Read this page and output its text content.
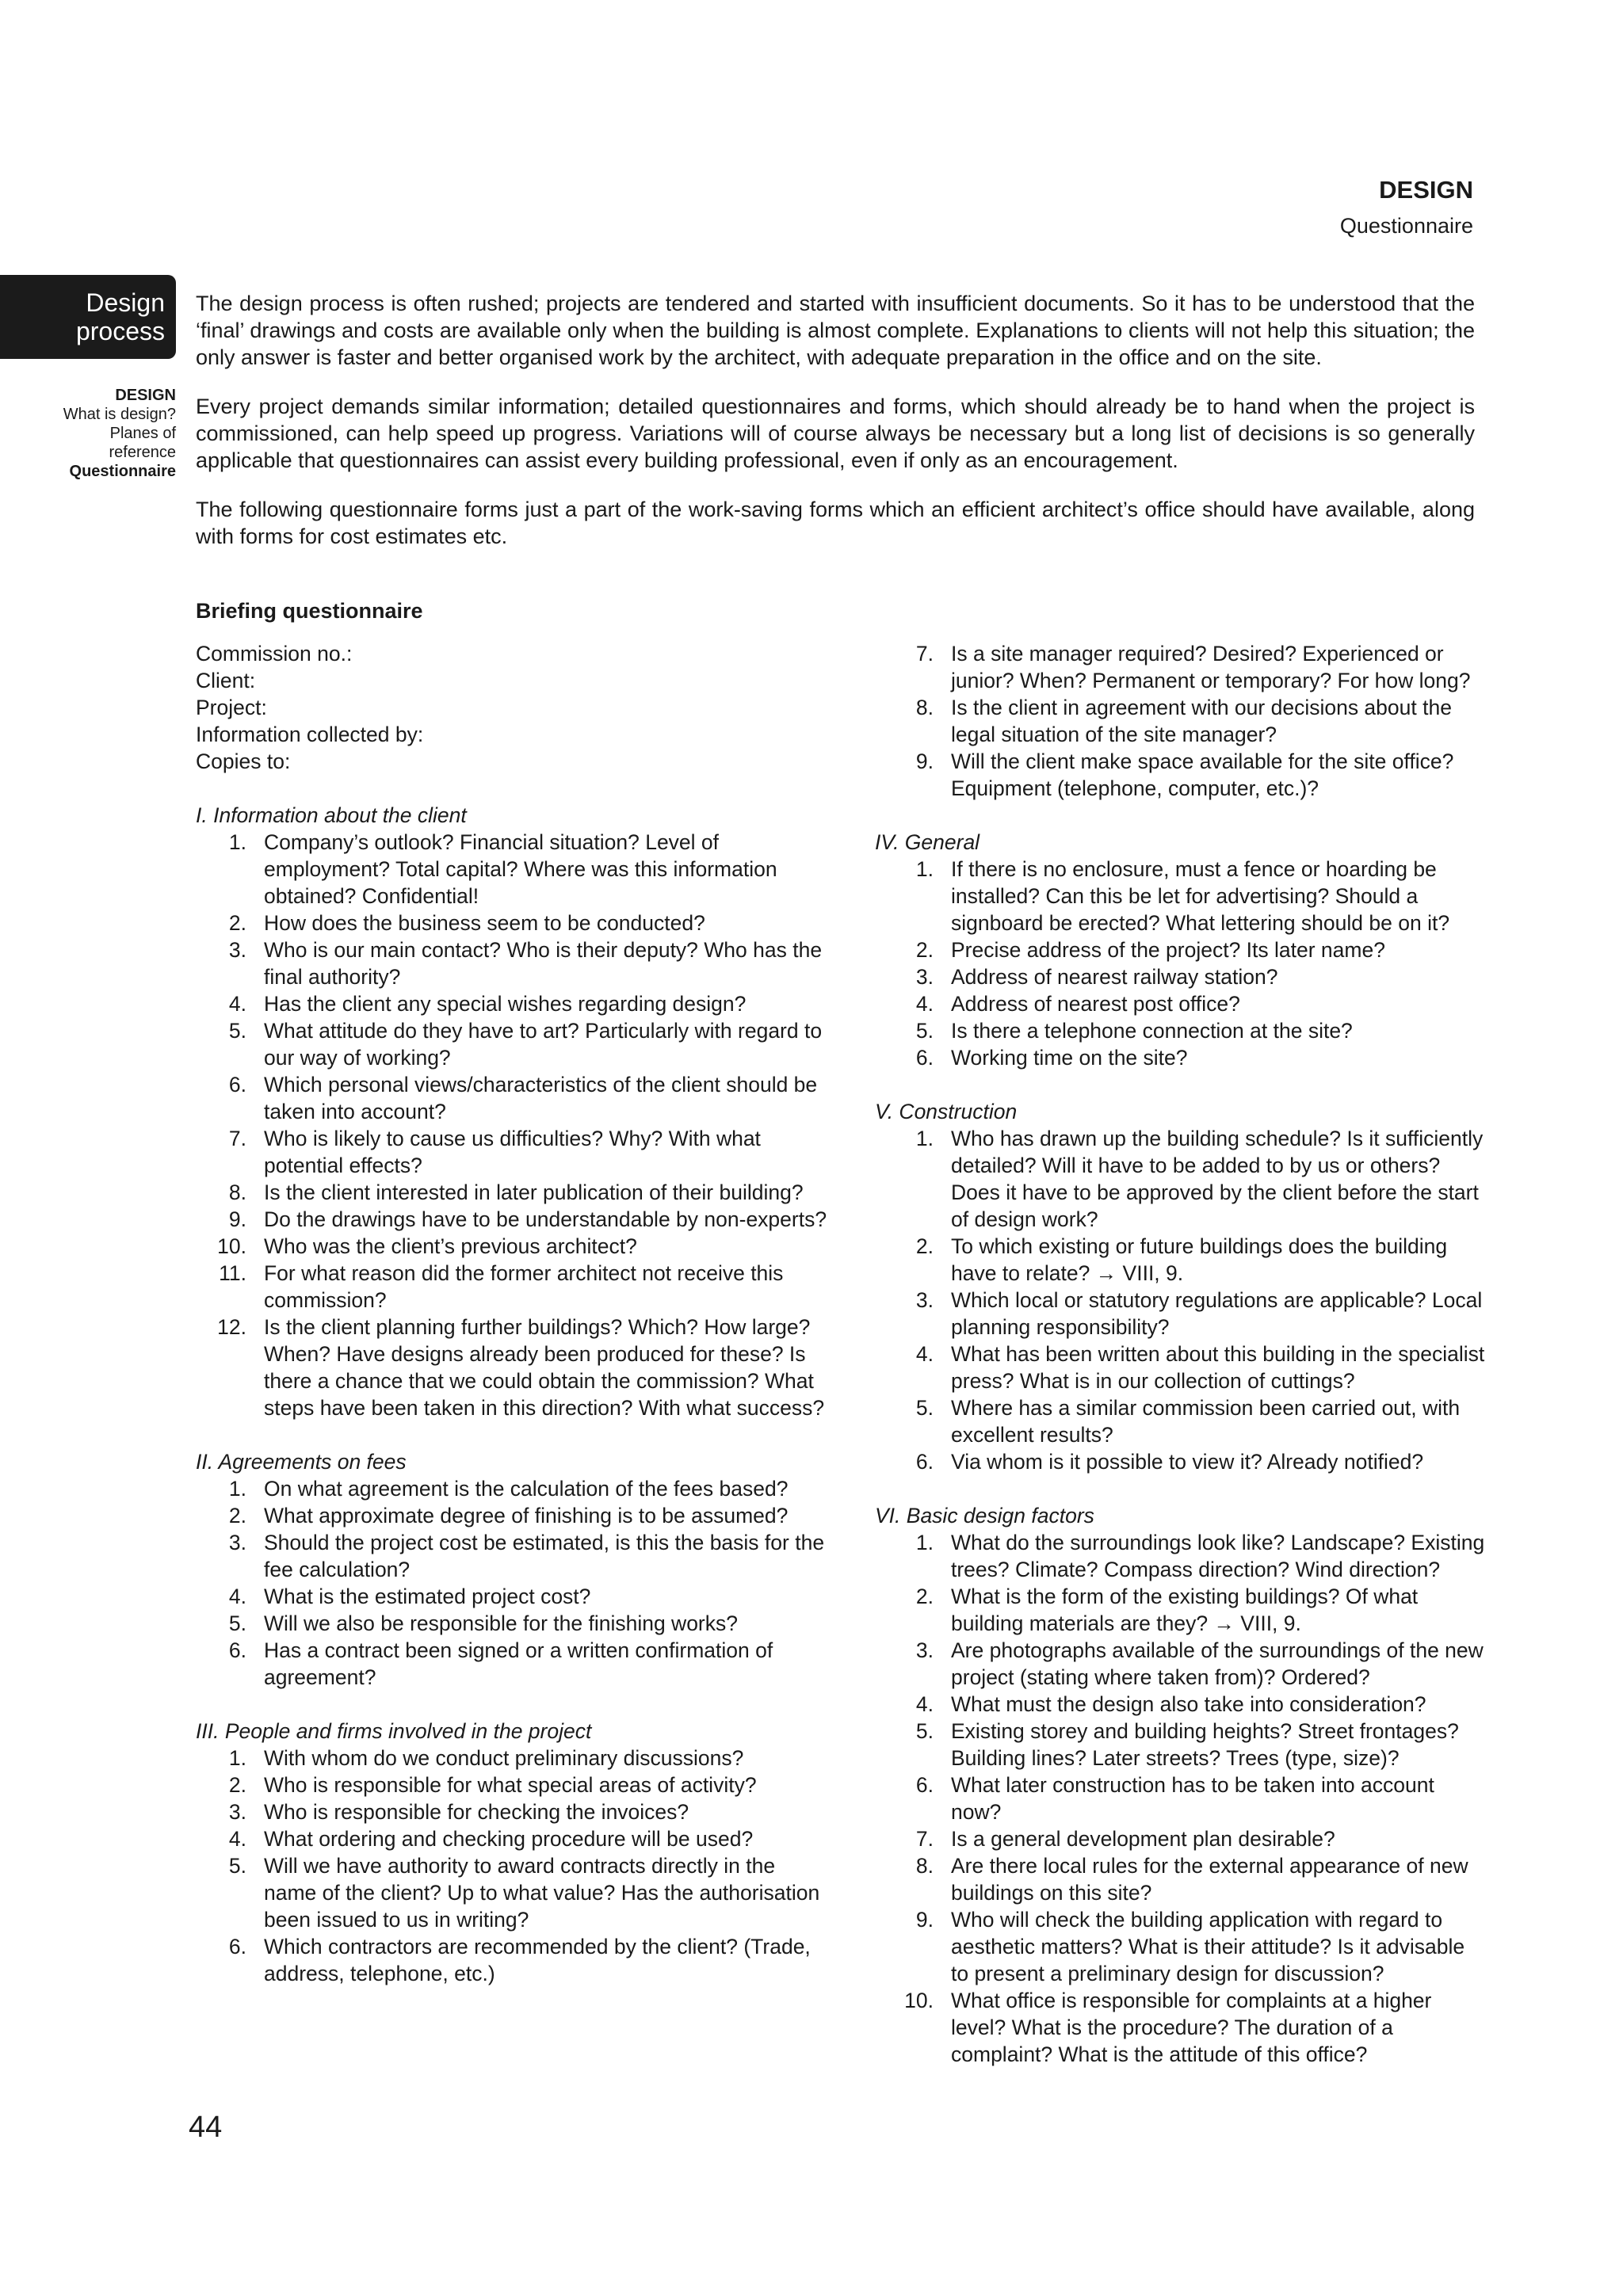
DESIGN
Questionnaire
Design
process
DESIGN
What is design?
Planes of
reference
Questionnaire

The design process is often rushed; projects are tendered and started with insufficient documents. So it has to be understood that the ‘final’ drawings and costs are available only when the building is almost complete. Explanations to clients will not help this situation; the only answer is faster and better organised work by the architect, with adequate preparation in the office and on the site.

Every project demands similar information; detailed questionnaires and forms, which should already be to hand when the project is commissioned, can help speed up progress. Variations will of course always be necessary but a long list of decisions is so generally applicable that questionnaires can assist every building professional, even if only as an encouragement.

The following questionnaire forms just a part of the work-saving forms which an efficient architect’s office should have available, along with forms for cost estimates etc.

Briefing questionnaire
Commission no.:
Client:
Project:
Information collected by:
Copies to:
I. Information about the client
1. Company’s outlook? Financial situation? Level of employment? Total capital? Where was this information obtained? Confidential!
2. How does the business seem to be conducted?
3. Who is our main contact? Who is their deputy? Who has the final authority?
4. Has the client any special wishes regarding design?
5. What attitude do they have to art? Particularly with regard to our way of working?
6. Which personal views/characteristics of the client should be taken into account?
7. Who is likely to cause us difficulties? Why? With what potential effects?
8. Is the client interested in later publication of their building?
9. Do the drawings have to be understandable by non-experts?
10. Who was the client’s previous architect?
11. For what reason did the former architect not receive this commission?
12. Is the client planning further buildings? Which? How large? When? Have designs already been produced for these? Is there a chance that we could obtain the commission? What steps have been taken in this direction? With what success?
II. Agreements on fees
1. On what agreement is the calculation of the fees based?
2. What approximate degree of finishing is to be assumed?
3. Should the project cost be estimated, is this the basis for the fee calculation?
4. What is the estimated project cost?
5. Will we also be responsible for the finishing works?
6. Has a contract been signed or a written confirmation of agreement?
III. People and firms involved in the project
1. With whom do we conduct preliminary discussions?
2. Who is responsible for what special areas of activity?
3. Who is responsible for checking the invoices?
4. What ordering and checking procedure will be used?
5. Will we have authority to award contracts directly in the name of the client? Up to what value? Has the authorisation been issued to us in writing?
6. Which contractors are recommended by the client? (Trade, address, telephone, etc.)
7. Is a site manager required? Desired? Experienced or junior? When? Permanent or temporary? For how long?
8. Is the client in agreement with our decisions about the legal situation of the site manager?
9. Will the client make space available for the site office? Equipment (telephone, computer, etc.)?
IV. General
1. If there is no enclosure, must a fence or hoarding be installed? Can this be let for advertising? Should a signboard be erected? What lettering should be on it?
2. Precise address of the project? Its later name?
3. Address of nearest railway station?
4. Address of nearest post office?
5. Is there a telephone connection at the site?
6. Working time on the site?
V. Construction
1. Who has drawn up the building schedule? Is it sufficiently detailed? Will it have to be added to by us or others? Does it have to be approved by the client before the start of design work?
2. To which existing or future buildings does the building have to relate? → VIII, 9.
3. Which local or statutory regulations are applicable? Local planning responsibility?
4. What has been written about this building in the specialist press? What is in our collection of cuttings?
5. Where has a similar commission been carried out, with excellent results?
6. Via whom is it possible to view it? Already notified?
VI. Basic design factors
1. What do the surroundings look like? Landscape? Existing trees? Climate? Compass direction? Wind direction?
2. What is the form of the existing buildings? Of what building materials are they? → VIII, 9.
3. Are photographs available of the surroundings of the new project (stating where taken from)? Ordered?
4. What must the design also take into consideration?
5. Existing storey and building heights? Street frontages? Building lines? Later streets? Trees (type, size)?
6. What later construction has to be taken into account now?
7. Is a general development plan desirable?
8. Are there local rules for the external appearance of new buildings on this site?
9. Who will check the building application with regard to aesthetic matters? What is their attitude? Is it advisable to present a preliminary design for discussion?
10. What office is responsible for complaints at a higher level? What is the procedure? The duration of a complaint? What is the attitude of this office?
44
